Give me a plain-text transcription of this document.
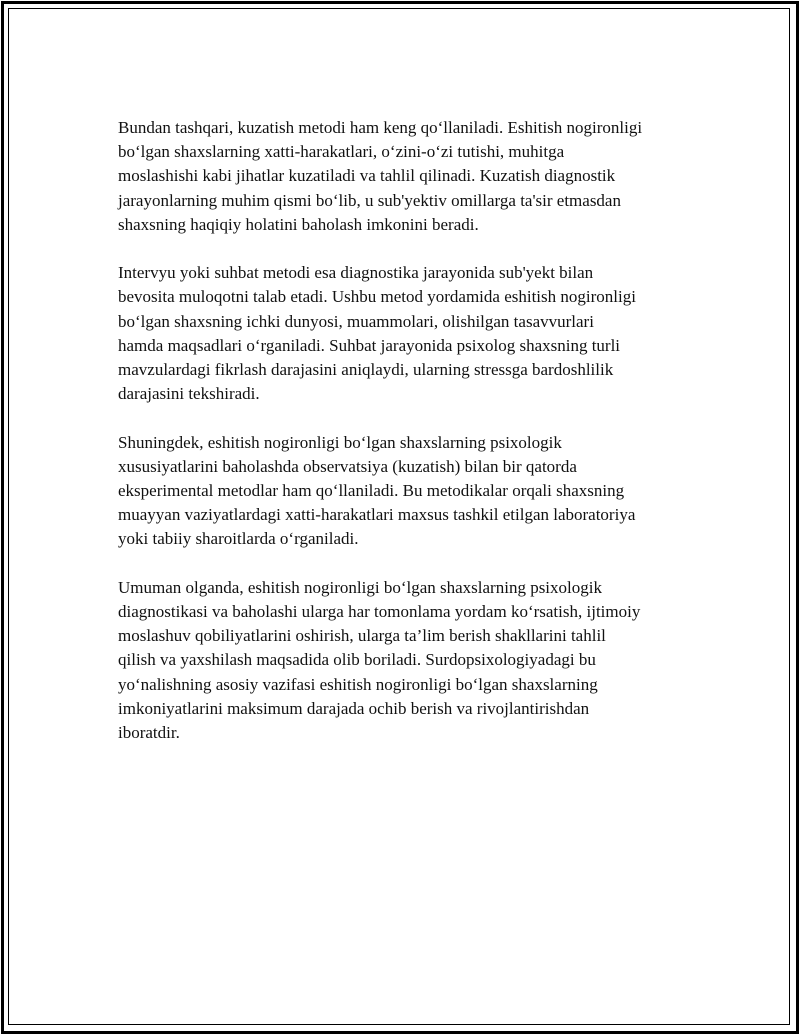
Bundan tashqari, kuzatish metodi ham keng qo‘llaniladi. Eshitish nogironligi
bo‘lgan shaxslarning xatti-harakatlari, o‘zini-o‘zi tutishi, muhitga
moslashishi kabi jihatlar kuzatiladi va tahlil qilinadi. Kuzatish diagnostik
jarayonlarning muhim qismi bo‘lib, u sub'yektiv omillarga ta'sir etmasdan
shaxsning haqiqiy holatini baholash imkonini beradi.

Intervyu yoki suhbat metodi esa diagnostika jarayonida sub'yekt bilan
bevosita muloqotni talab etadi. Ushbu metod yordamida eshitish nogironligi
bo‘lgan shaxsning ichki dunyosi, muammolari, olishilgan tasavvurlari
hamda maqsadlari o‘rganiladi. Suhbat jarayonida psixolog shaxsning turli
mavzulardagi fikrlash darajasini aniqlaydi, ularning stressga bardoshlilik
darajasini tekshiradi.

Shuningdek, eshitish nogironligi bo‘lgan shaxslarning psixologik
xususiyatlarini baholashda observatsiya (kuzatish) bilan bir qatorda
eksperimental metodlar ham qo‘llaniladi. Bu metodikalar orqali shaxsning
muayyan vaziyatlardagi xatti-harakatlari maxsus tashkil etilgan laboratoriya
yoki tabiiy sharoitlarda o‘rganiladi.

Umuman olganda, eshitish nogironligi bo‘lgan shaxslarning psixologik
diagnostikasi va baholashi ularga har tomonlama yordam ko‘rsatish, ijtimoiy
moslashuv qobiliyatlarini oshirish, ularga ta’lim berish shakllarini tahlil
qilish va yaxshilash maqsadida olib boriladi. Surdopsixologiyadagi bu
yo‘nalishning asosiy vazifasi eshitish nogironligi bo‘lgan shaxslarning
imkoniyatlarini maksimum darajada ochib berish va rivojlantirishdan
iboratdir.
